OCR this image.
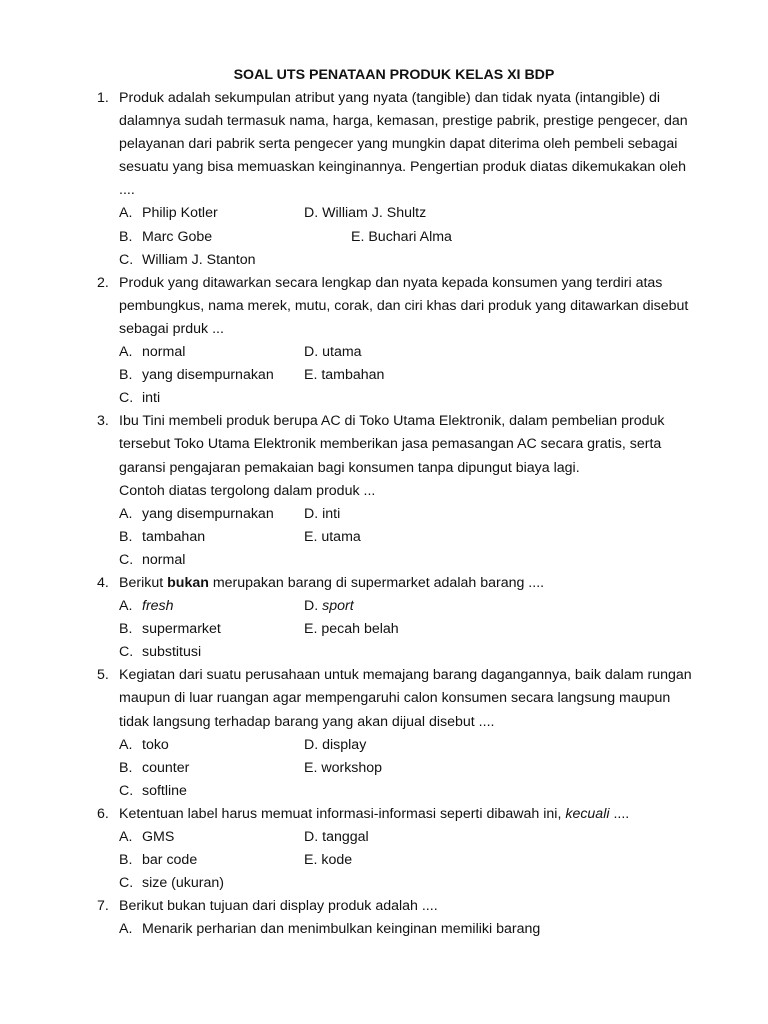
SOAL UTS PENATAAN PRODUK KELAS XI BDP
1. Produk adalah sekumpulan atribut yang nyata (tangible) dan tidak nyata (intangible) di
dalamnya sudah termasuk nama, harga, kemasan, prestige pabrik, prestige pengecer, dan
pelayanan dari pabrik serta pengecer yang mungkin dapat diterima oleh pembeli sebagai
sesuatu yang bisa memuaskan keinginannya. Pengertian produk diatas dikemukakan oleh
....
A. Philip Kotler	D. William J. Shultz
B. Marc Gobe	E. Buchari Alma
C. William J. Stanton
2. Produk yang ditawarkan secara lengkap dan nyata kepada konsumen yang terdiri atas
pembungkus, nama merek, mutu, corak, dan ciri khas dari produk yang ditawarkan disebut
sebagai prduk ...
A. normal	D. utama
B. yang disempurnakan E. tambahan
C. inti
3. Ibu Tini membeli produk berupa AC di Toko Utama Elektronik, dalam pembelian produk
tersebut Toko Utama Elektronik memberikan jasa pemasangan AC secara gratis, serta
garansi pengajaran pemakaian bagi konsumen tanpa dipungut biaya lagi.
Contoh diatas tergolong dalam produk ...
A. yang disempurnakan D. inti
B. tambahan	E. utama
C. normal
4. Berikut bukan merupakan barang di supermarket adalah barang ....
A. fresh	D. sport
B. supermarket	E. pecah belah
C. substitusi
5. Kegiatan dari suatu perusahaan untuk memajang barang dagangannya, baik dalam rungan
maupun di luar ruangan agar mempengaruhi calon konsumen secara langsung maupun
tidak langsung terhadap barang yang akan dijual disebut ....
A. toko	D. display
B. counter	E. workshop
C. softline
6. Ketentuan label harus memuat informasi-informasi seperti dibawah ini, kecuali ....
A. GMS	D. tanggal
B. bar code	E. kode
C. size (ukuran)
7. Berikut bukan tujuan dari display produk adalah ....
A. Menarik perharian dan menimbulkan keinginan memiliki barang
